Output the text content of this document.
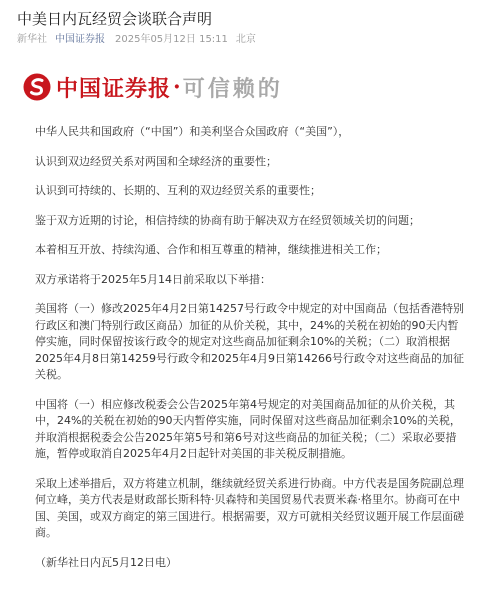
中美日内瓦经贸会谈联合声明
新华社 中国证券报 2025年05月12日 15:11 北京
中国证券报 · 可信赖的

中华人民共和国政府（“中国”）和美利坚合众国政府（“美国”），

认识到双边经贸关系对两国和全球经济的重要性；

认识到可持续的、长期的、互利的双边经贸关系的重要性；

鉴于双方近期的讨论，相信持续的协商有助于解决双方在经贸领域关切的问题；

本着相互开放、持续沟通、合作和相互尊重的精神，继续推进相关工作；

双方承诺将于2025年5月14日前采取以下举措：

美国将（一）修改2025年4月2日第14257号行政令中规定的对中国商品（包括香港特别行政区和澳门特别行政区商品）加征的从价关税，其中，24%的关税在初始的90天内暂停实施，同时保留按该行政令的规定对这些商品加征剩余10%的关税；（二）取消根据2025年4月8日第14259号行政令和2025年4月9日第14266号行政令对这些商品的加征关税。

中国将（一）相应修改税委会公告2025年第4号规定的对美国商品加征的从价关税，其中，24%的关税在初始的90天内暂停实施，同时保留对这些商品加征剩余10%的关税，并取消根据税委会公告2025年第5号和第6号对这些商品的加征关税；（二）采取必要措施，暂停或取消自2025年4月2日起针对美国的非关税反制措施。

采取上述举措后，双方将建立机制，继续就经贸关系进行协商。中方代表是国务院副总理何立峰，美方代表是财政部长斯科特·贝森特和美国贸易代表贾米森·格里尔。协商可在中国、美国，或双方商定的第三国进行。根据需要，双方可就相关经贸议题开展工作层面磋商。

（新华社日内瓦5月12日电）
